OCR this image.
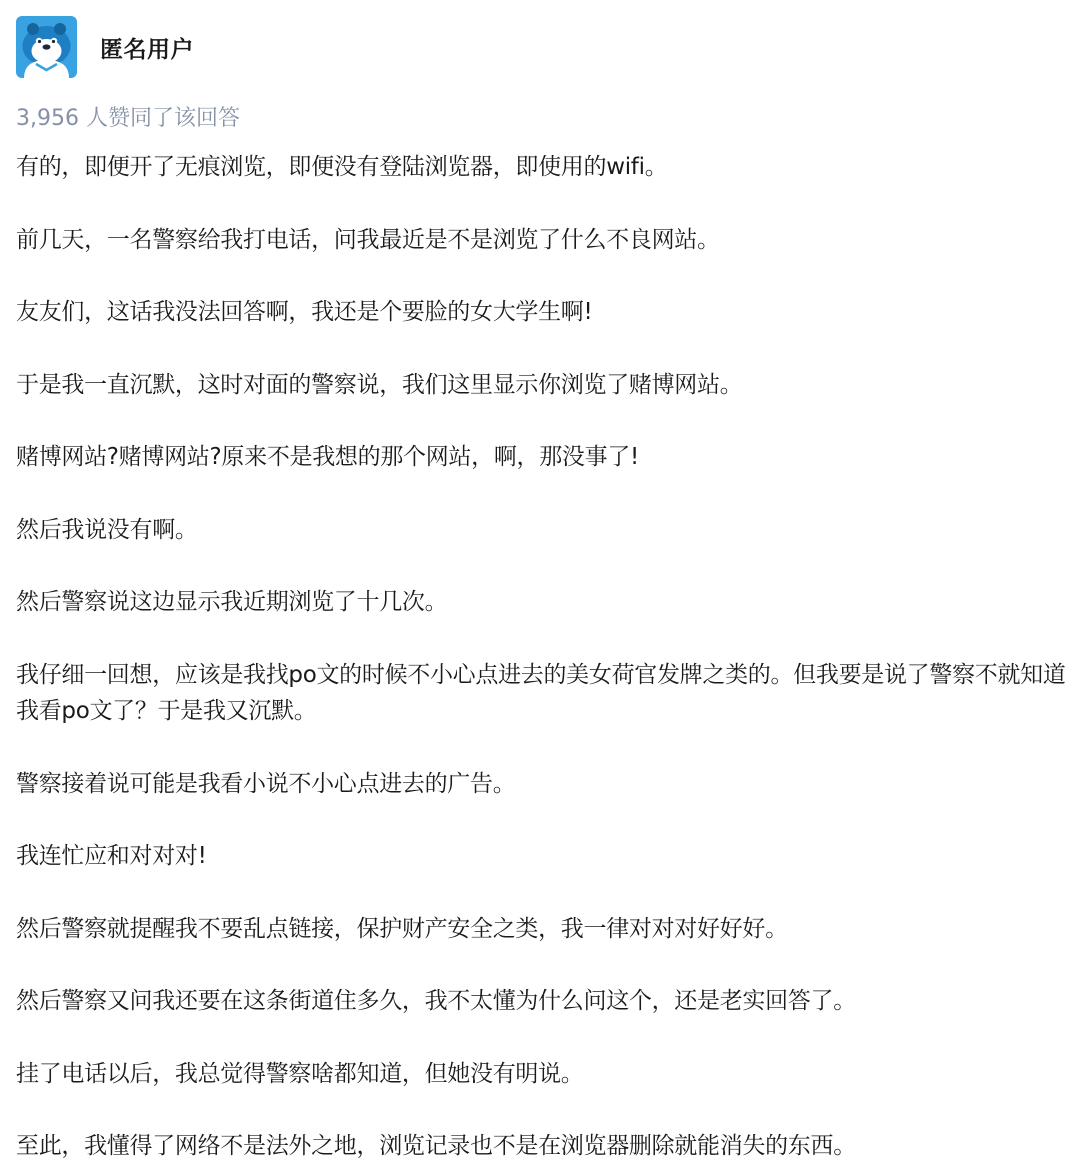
匿名用户
3,956 人赞同了该回答

有的，即便开了无痕浏览，即便没有登陆浏览器，即使用的wifi。

前几天，一名警察给我打电话，问我最近是不是浏览了什么不良网站。

友友们，这话我没法回答啊，我还是个要脸的女大学生啊!

于是我一直沉默，这时对面的警察说，我们这里显示你浏览了赌博网站。

赌博网站?赌博网站?原来不是我想的那个网站，啊，那没事了!

然后我说没有啊。

然后警察说这边显示我近期浏览了十几次。

我仔细一回想，应该是我找po文的时候不小心点进去的美女荷官发牌之类的。但我要是说了警察不就知道我看po文了？于是我又沉默。

警察接着说可能是我看小说不小心点进去的广告。

我连忙应和对对对!

然后警察就提醒我不要乱点链接，保护财产安全之类，我一律对对对好好好。

然后警察又问我还要在这条街道住多久，我不太懂为什么问这个，还是老实回答了。

挂了电话以后，我总觉得警察啥都知道，但她没有明说。

至此，我懂得了网络不是法外之地，浏览记录也不是在浏览器删除就能消失的东西。
